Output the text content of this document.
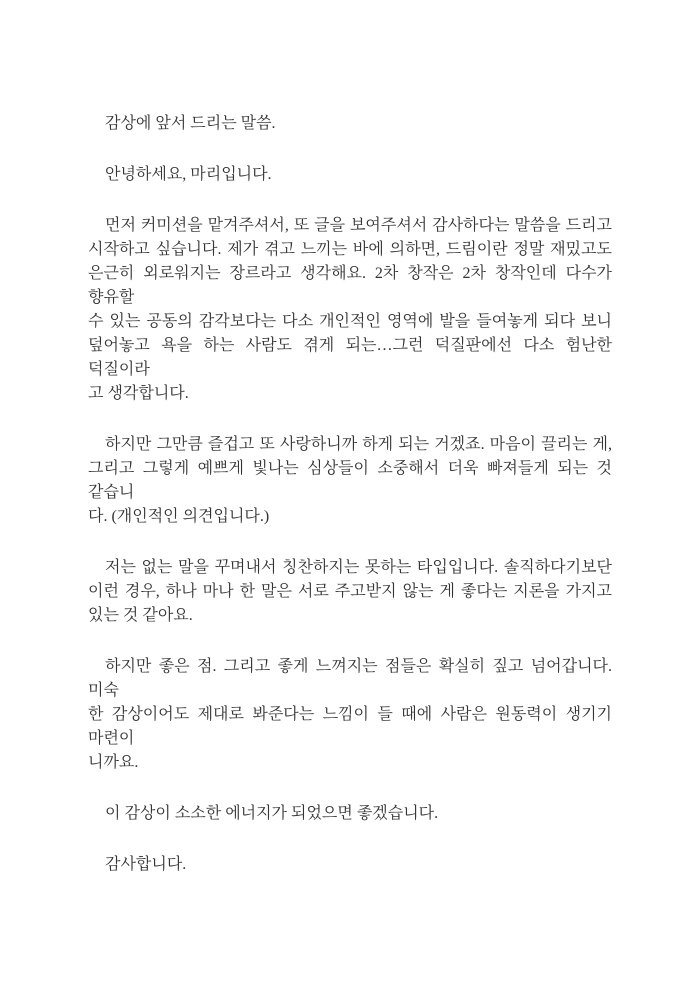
감상에 앞서 드리는 말씀.
안녕하세요, 마리입니다.
먼저 커미션을 맡겨주셔서, 또 글을 보여주셔서 감사하다는 말씀을 드리고
시작하고 싶습니다. 제가 겪고 느끼는 바에 의하면, 드림이란 정말 재밌고도
은근히 외로워지는 장르라고 생각해요. 2차 창작은 2차 창작인데 다수가 향유할
수 있는 공동의 감각보다는 다소 개인적인 영역에 발을 들여놓게 되다 보니
덮어놓고 욕을 하는 사람도 겪게 되는…그런 덕질판에선 다소 험난한 덕질이라
고 생각합니다.
하지만 그만큼 즐겁고 또 사랑하니까 하게 되는 거겠죠. 마음이 끌리는 게,
그리고 그렇게 예쁘게 빛나는 심상들이 소중해서 더욱 빠져들게 되는 것 같습니
다. (개인적인 의견입니다.)
저는 없는 말을 꾸며내서 칭찬하지는 못하는 타입입니다. 솔직하다기보단
이런 경우, 하나 마나 한 말은 서로 주고받지 않는 게 좋다는 지론을 가지고
있는 것 같아요.
하지만 좋은 점. 그리고 좋게 느껴지는 점들은 확실히 짚고 넘어갑니다. 미숙
한 감상이어도 제대로 봐준다는 느낌이 들 때에 사람은 원동력이 생기기 마련이
니까요.
이 감상이 소소한 에너지가 되었으면 좋겠습니다.
감사합니다.
